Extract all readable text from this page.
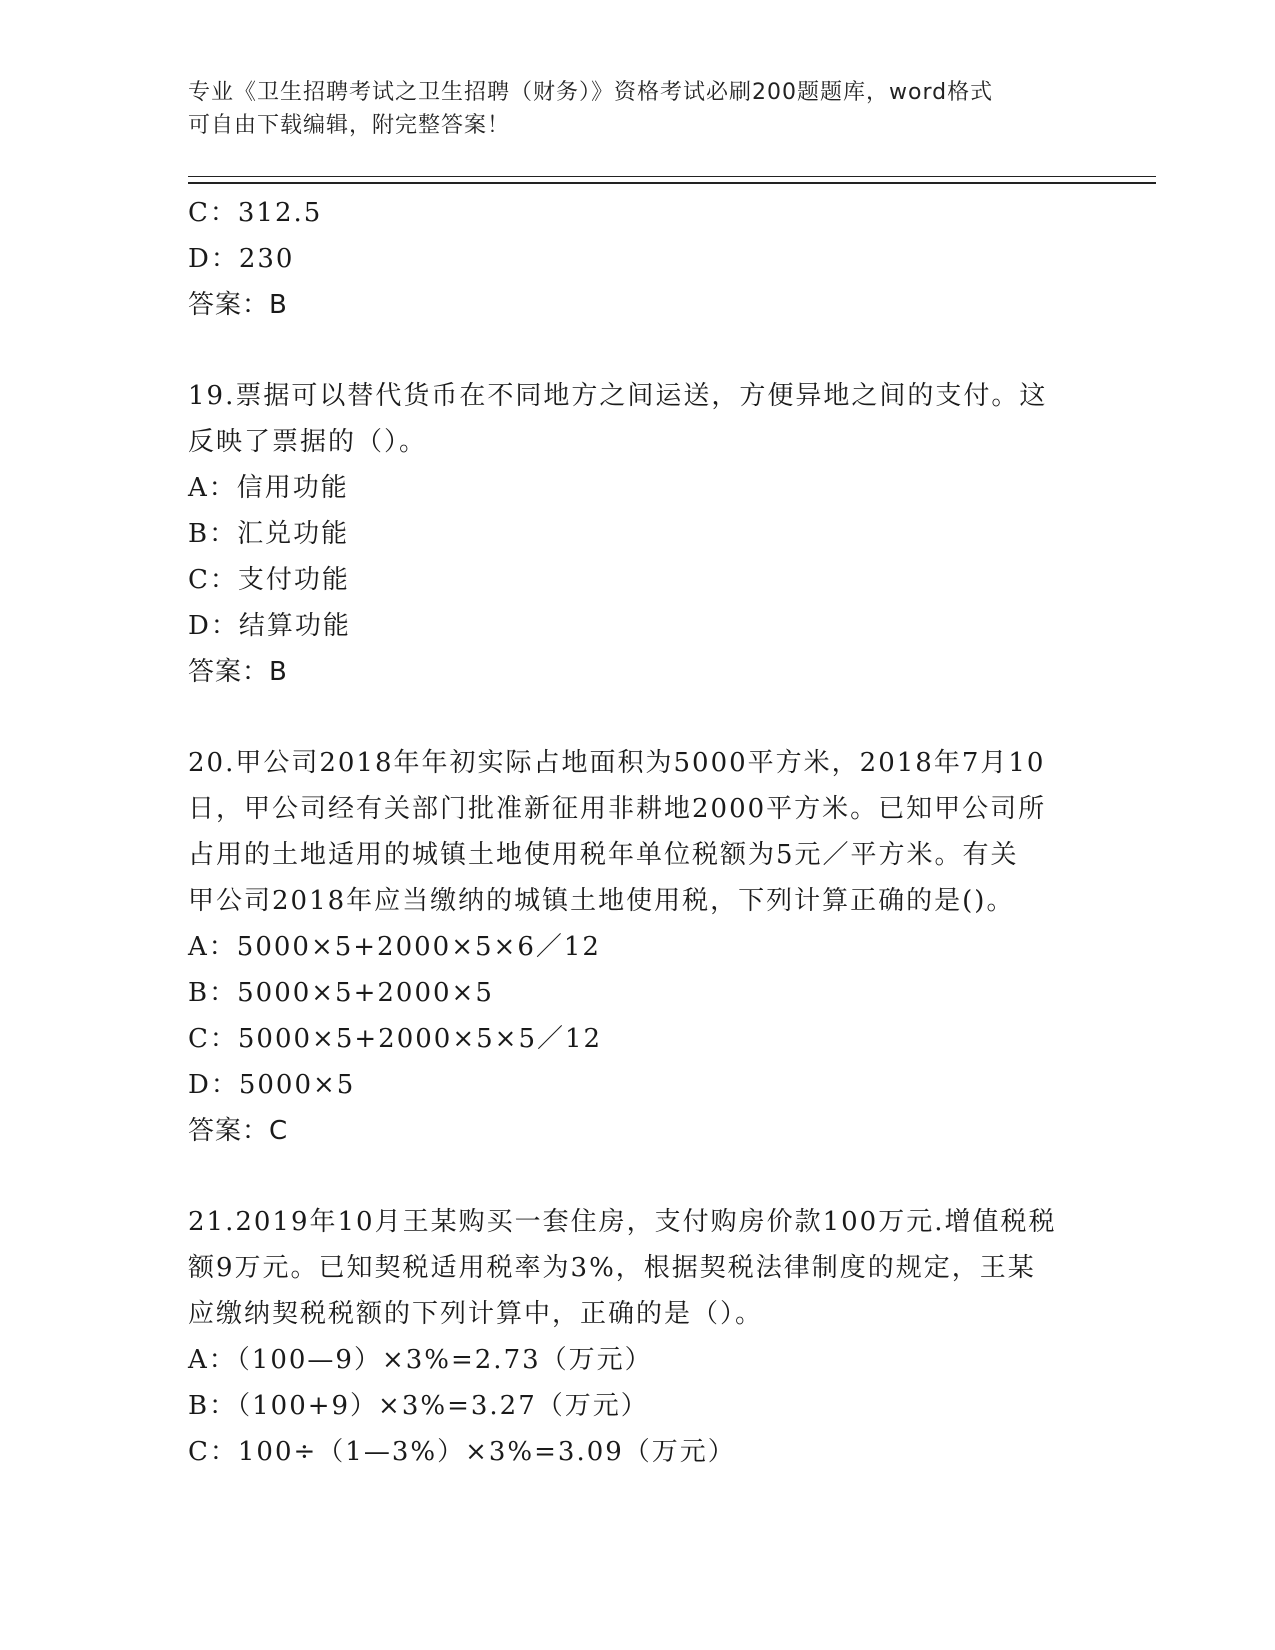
专业《卫生招聘考试之卫生招聘（财务）》资格考试必刷200题题库，word格式
可自由下载编辑，附完整答案！
C：312.5
D：230
答案：B
19.票据可以替代货币在不同地方之间运送，方便异地之间的支付。这
反映了票据的（）。
A：信用功能
B：汇兑功能
C：支付功能
D：结算功能
答案：B
20.甲公司2018年年初实际占地面积为5000平方米，2018年7月10
日，甲公司经有关部门批准新征用非耕地2000平方米。已知甲公司所
占用的土地适用的城镇土地使用税年单位税额为5元／平方米。有关
甲公司2018年应当缴纳的城镇土地使用税，下列计算正确的是()。
A：5000×5+2000×5×6／12
B：5000×5+2000×5
C：5000×5+2000×5×5／12
D：5000×5
答案：C
21.2019年10月王某购买一套住房，支付购房价款100万元.增值税税
额9万元。已知契税适用税率为3%，根据契税法律制度的规定，王某
应缴纳契税税额的下列计算中，正确的是（）。
A：（100—9）×3%=2.73（万元）
B：（100+9）×3%=3.27（万元）
C：100÷（1—3%）×3%=3.09（万元）
